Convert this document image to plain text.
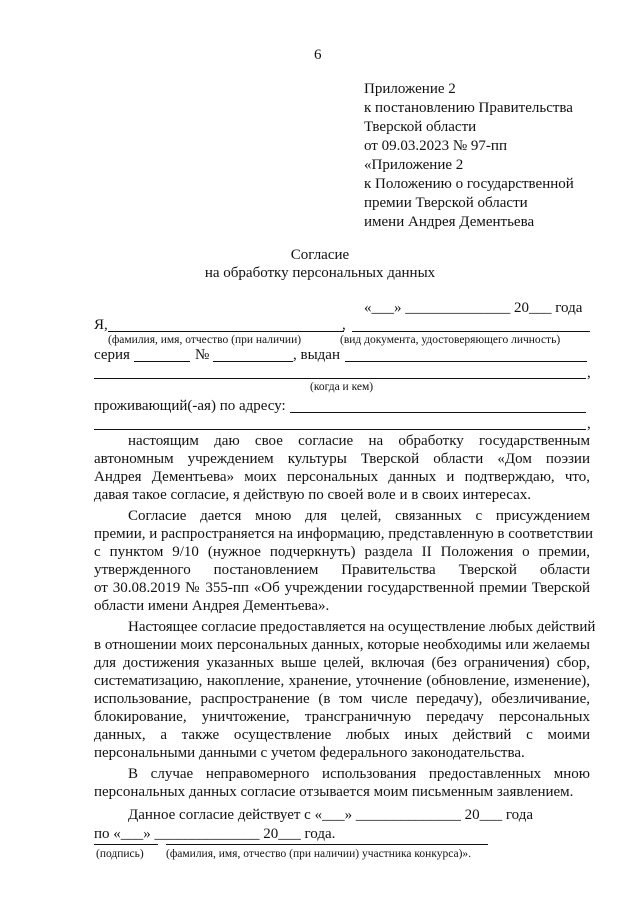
6
Приложение 2
к постановлению Правительства
Тверской области
от 09.03.2023 № 97-пп
«Приложение 2
к Положению о государственной
премии Тверской области
имени Андрея Дементьева
Согласие
на обработку персональных данных
«___» ______________ 20___ года
Я,	,
(фамилия, имя, отчество (при наличии)	(вид документа, удостоверяющего личность)
серия	№	, выдан
,
(когда и кем)
проживающий(-ая) по адресу:
,
настоящим даю свое согласие на обработку государственным
автономным учреждением культуры Тверской области «Дом поэзии
Андрея Дементьева» моих персональных данных и подтверждаю, что,
давая такое согласие, я действую по своей воле и в своих интересах.
Согласие дается мною для целей, связанных с присуждением
премии, и распространяется на информацию, представленную в соответствии
с пунктом 9/10 (нужное подчеркнуть) раздела II Положения о премии,
утвержденного постановлением Правительства Тверской области
от 30.08.2019 № 355-пп «Об учреждении государственной премии Тверской
области имени Андрея Дементьева».
Настоящее согласие предоставляется на осуществление любых действий
в отношении моих персональных данных, которые необходимы или желаемы
для достижения указанных выше целей, включая (без ограничения) сбор,
систематизацию, накопление, хранение, уточнение (обновление, изменение),
использование, распространение (в том числе передачу), обезличивание,
блокирование, уничтожение, трансграничную передачу персональных
данных, а также осуществление любых иных действий с моими
персональными данными с учетом федерального законодательства.
В случае неправомерного использования предоставленных мною
персональных данных согласие отзывается моим письменным заявлением.
Данное согласие действует с «___» ______________ 20___ года
по «___» ______________ 20___ года.
(подпись) (фамилия, имя, отчество (при наличии) участника конкурса)».
